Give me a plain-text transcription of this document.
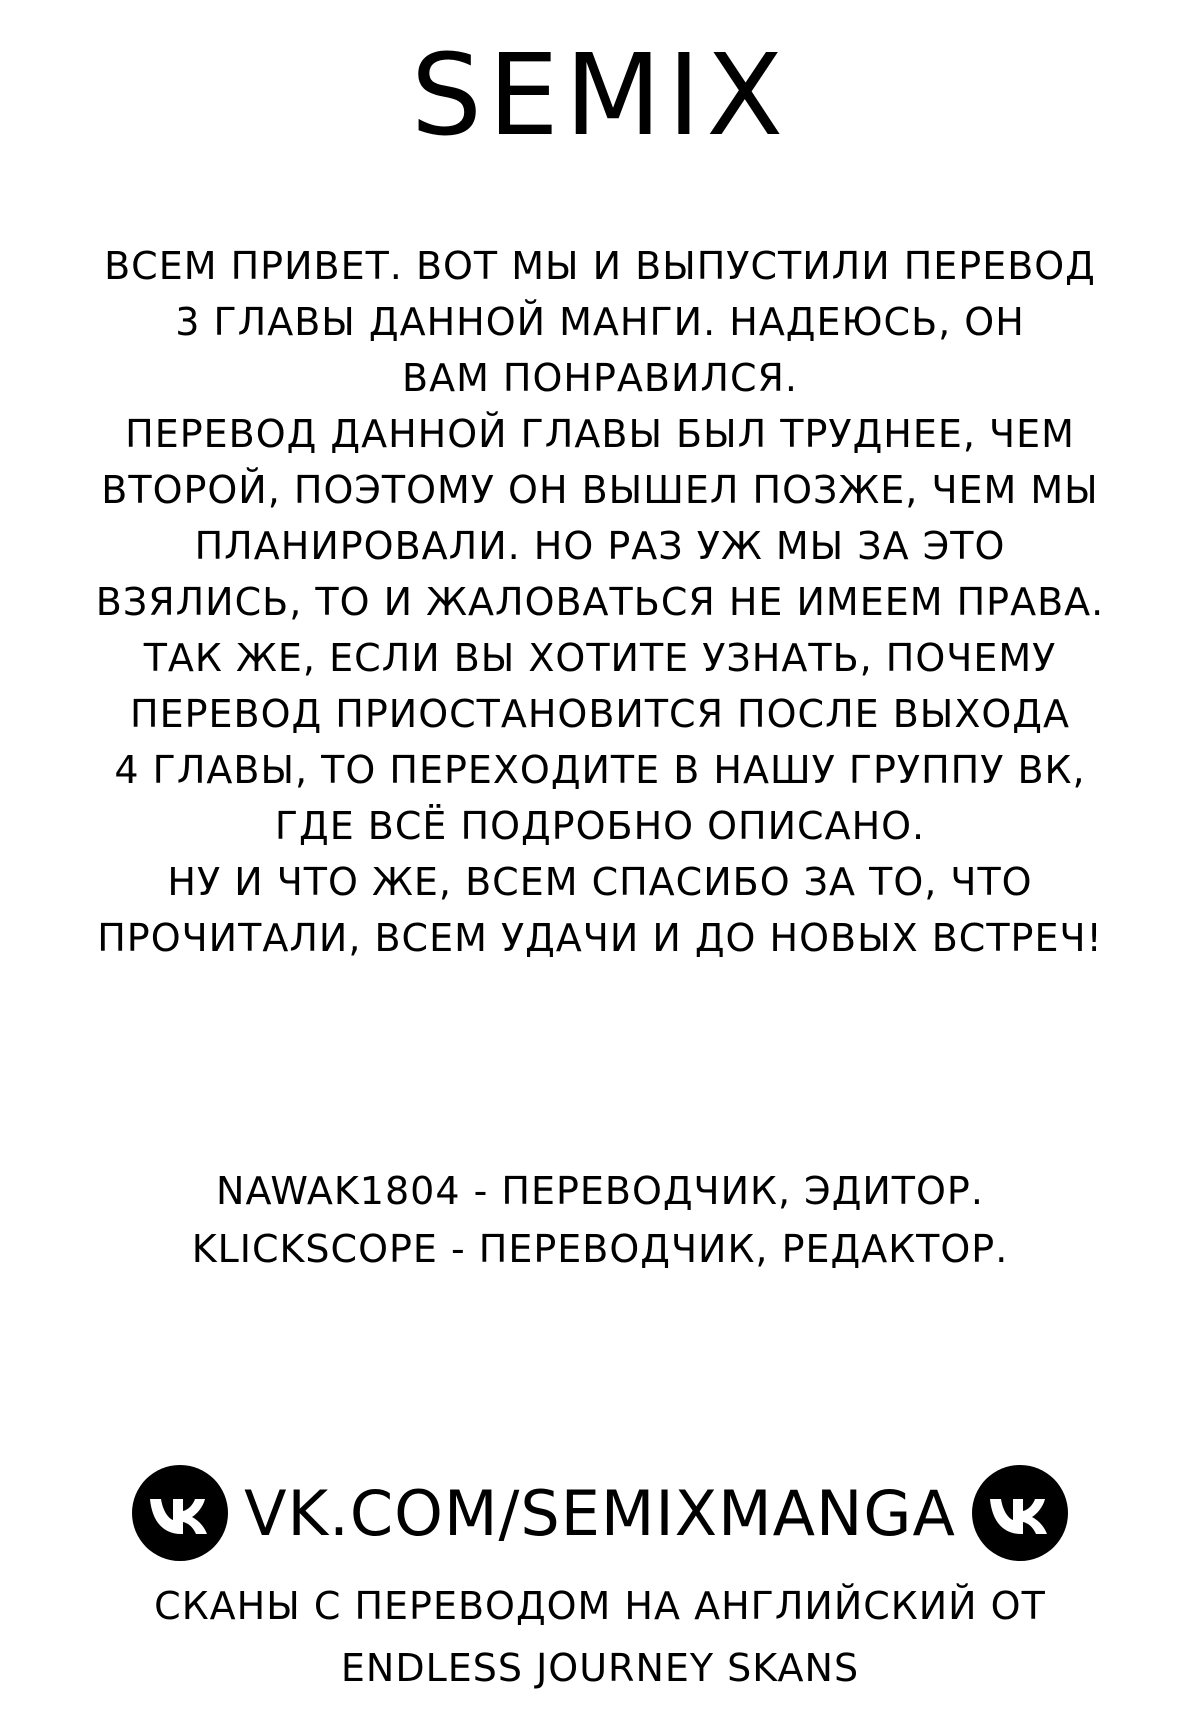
SEMIX
ВСЕМ ПРИВЕТ. ВОТ МЫ И ВЫПУСТИЛИ ПЕРЕВОД
3 ГЛАВЫ ДАННОЙ МАНГИ. НАДЕЮСЬ, ОН
ВАМ ПОНРАВИЛСЯ.
ПЕРЕВОД ДАННОЙ ГЛАВЫ БЫЛ ТРУДНЕЕ, ЧЕМ
ВТОРОЙ, ПОЭТОМУ ОН ВЫШЕЛ ПОЗЖЕ, ЧЕМ МЫ
ПЛАНИРОВАЛИ. НО РАЗ УЖ МЫ ЗА ЭТО
ВЗЯЛИСЬ, ТО И ЖАЛОВАТЬСЯ НЕ ИМЕЕМ ПРАВА.
ТАК ЖЕ, ЕСЛИ ВЫ ХОТИТЕ УЗНАТЬ, ПОЧЕМУ
ПЕРЕВОД ПРИОСТАНОВИТСЯ ПОСЛЕ ВЫХОДА
4 ГЛАВЫ, ТО ПЕРЕХОДИТЕ В НАШУ ГРУППУ ВК,
ГДЕ ВСЁ ПОДРОБНО ОПИСАНО.
НУ И ЧТО ЖЕ, ВСЕМ СПАСИБО ЗА ТО, ЧТО
ПРОЧИТАЛИ, ВСЕМ УДАЧИ И ДО НОВЫХ ВСТРЕЧ!
NAWAK1804 - ПЕРЕВОДЧИК, ЭДИТОР.
KLICKSCOPE - ПЕРЕВОДЧИК, РЕДАКТОР.
VK.COM/SEMIXMANGA
СКАНЫ С ПЕРЕВОДОМ НА АНГЛИЙСКИЙ ОТ
ENDLESS JOURNEY SKANS
